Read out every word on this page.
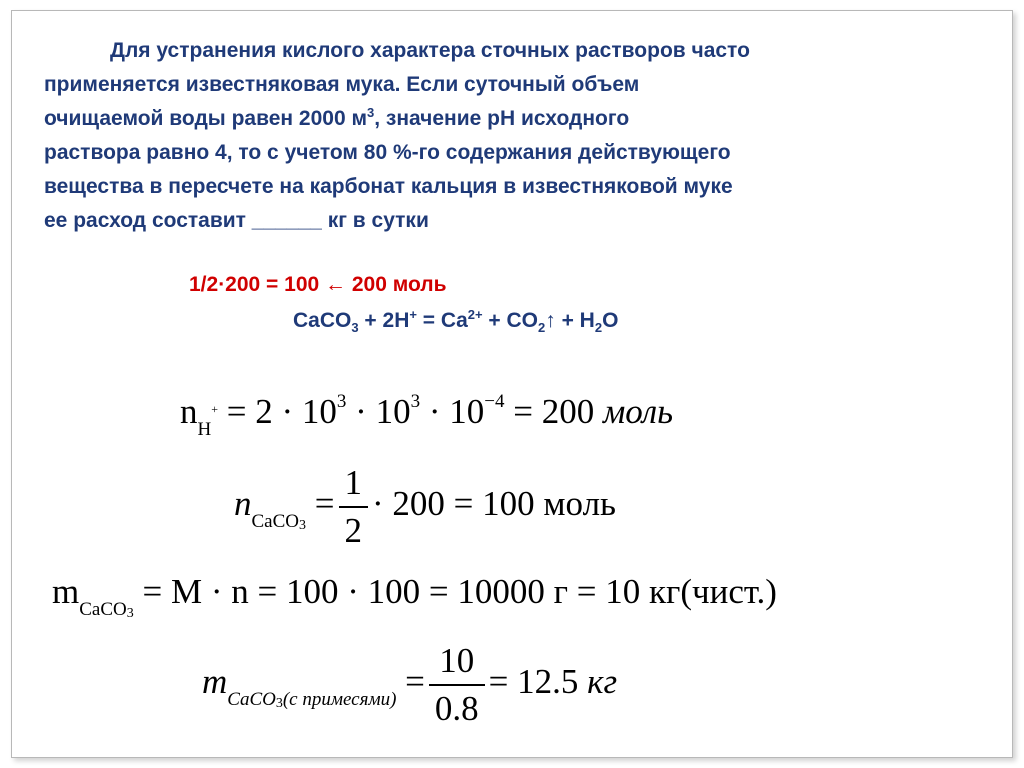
Для устранения кислого характера сточных растворов часто
применяется известняковая мука. Если суточный объем
очищаемой воды равен 2000 $м^3$, значение pH исходного
раствора равно 4, то с учетом 80 %-го содержания действующего
вещества в пересчете на карбонат кальция в известняковой муке
ее расход составит ______ кг в сутки
1/2·200 = 100 ← 200 моль
CaCO$_3$ + $2H^+ = Ca^{2+}$ + $CO_2↑ + H_2O$
$n_H^+ = 2 \cdot 10^3 \cdot 10^3 \cdot 10^{-4} = 200$ моль
$n_{CaCO3} = \frac{1}{2} \cdot 200 = 100$ моль
$m_{CaCO3} = M \cdot n = 100 \cdot 100 = 10000$ г = 10 кг(чист.)
$m_{CaCO3(с примесями)} = \frac{10}{0.8} = 12.5$ кг
